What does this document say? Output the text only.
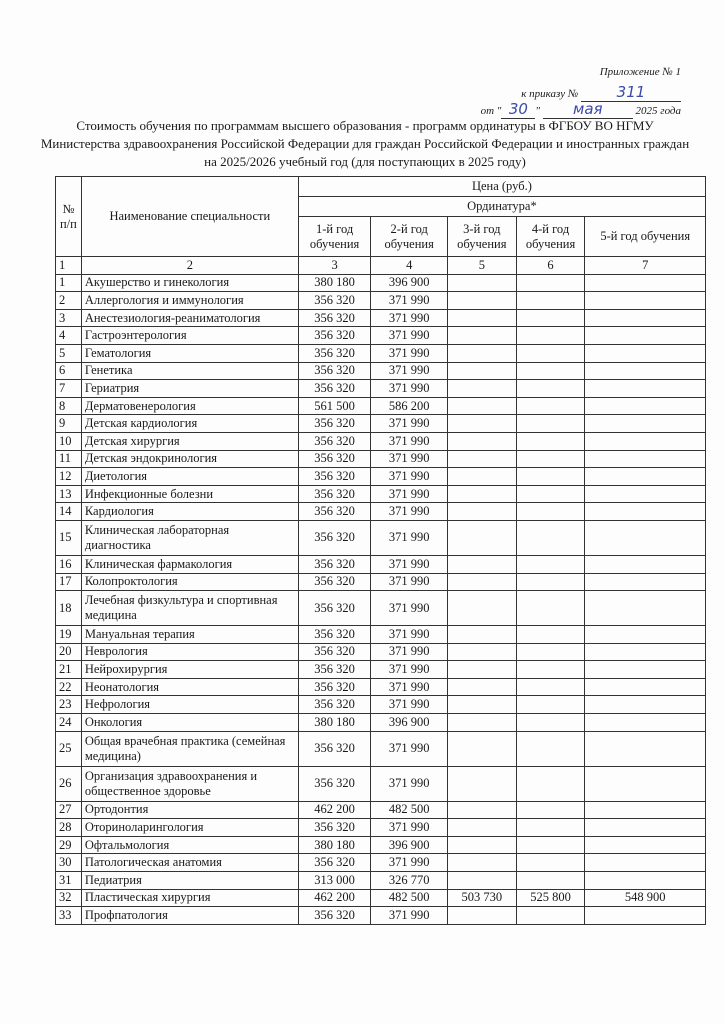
Приложение № 1
к приказу №	311
от " 30 " мая	2025 года
Стоимость обучения по программам высшего образования - программ ординатуры в ФГБОУ ВО НГМУ Министерства здравоохранения Российской Федерации для граждан Российской Федерации и иностранных граждан на 2025/2026 учебный год (для поступающих в 2025 году)
№ п/п	Наименование специальности	Цена (руб.)				
		Ординатура*				
		1-й год обучения	2-й год обучения	3-й год обучения	4-й год обучения	5-й год обучения
1	2	3	4	5	6	7
1	Акушерство и гинекология	380 180	396 900			
2	Аллергология и иммунология	356 320	371 990			
3	Анестезиология-реаниматология	356 320	371 990			
4	Гастроэнтерология	356 320	371 990			
5	Гематология	356 320	371 990			
6	Генетика	356 320	371 990			
7	Гериатрия	356 320	371 990			
8	Дерматовенерология	561 500	586 200			
9	Детская кардиология	356 320	371 990			
10	Детская хирургия	356 320	371 990			
11	Детская эндокринология	356 320	371 990			
12	Диетология	356 320	371 990			
13	Инфекционные болезни	356 320	371 990			
14	Кардиология	356 320	371 990			
15	Клиническая лабораторная диагностика	356 320	371 990			
16	Клиническая фармакология	356 320	371 990			
17	Колопроктология	356 320	371 990			
18	Лечебная физкультура и спортивная медицина	356 320	371 990			
19	Мануальная терапия	356 320	371 990			
20	Неврология	356 320	371 990			
21	Нейрохирургия	356 320	371 990			
22	Неонатология	356 320	371 990			
23	Нефрология	356 320	371 990			
24	Онкология	380 180	396 900			
25	Общая врачебная практика (семейная медицина)	356 320	371 990			
26	Организация здравоохранения и общественное здоровье	356 320	371 990			
27	Ортодонтия	462 200	482 500			
28	Оториноларингология	356 320	371 990			
29	Офтальмология	380 180	396 900			
30	Патологическая анатомия	356 320	371 990			
31	Педиатрия	313 000	326 770			
32	Пластическая хирургия	462 200	482 500	503 730	525 800	548 900
33	Профпатология	356 320	371 990			
